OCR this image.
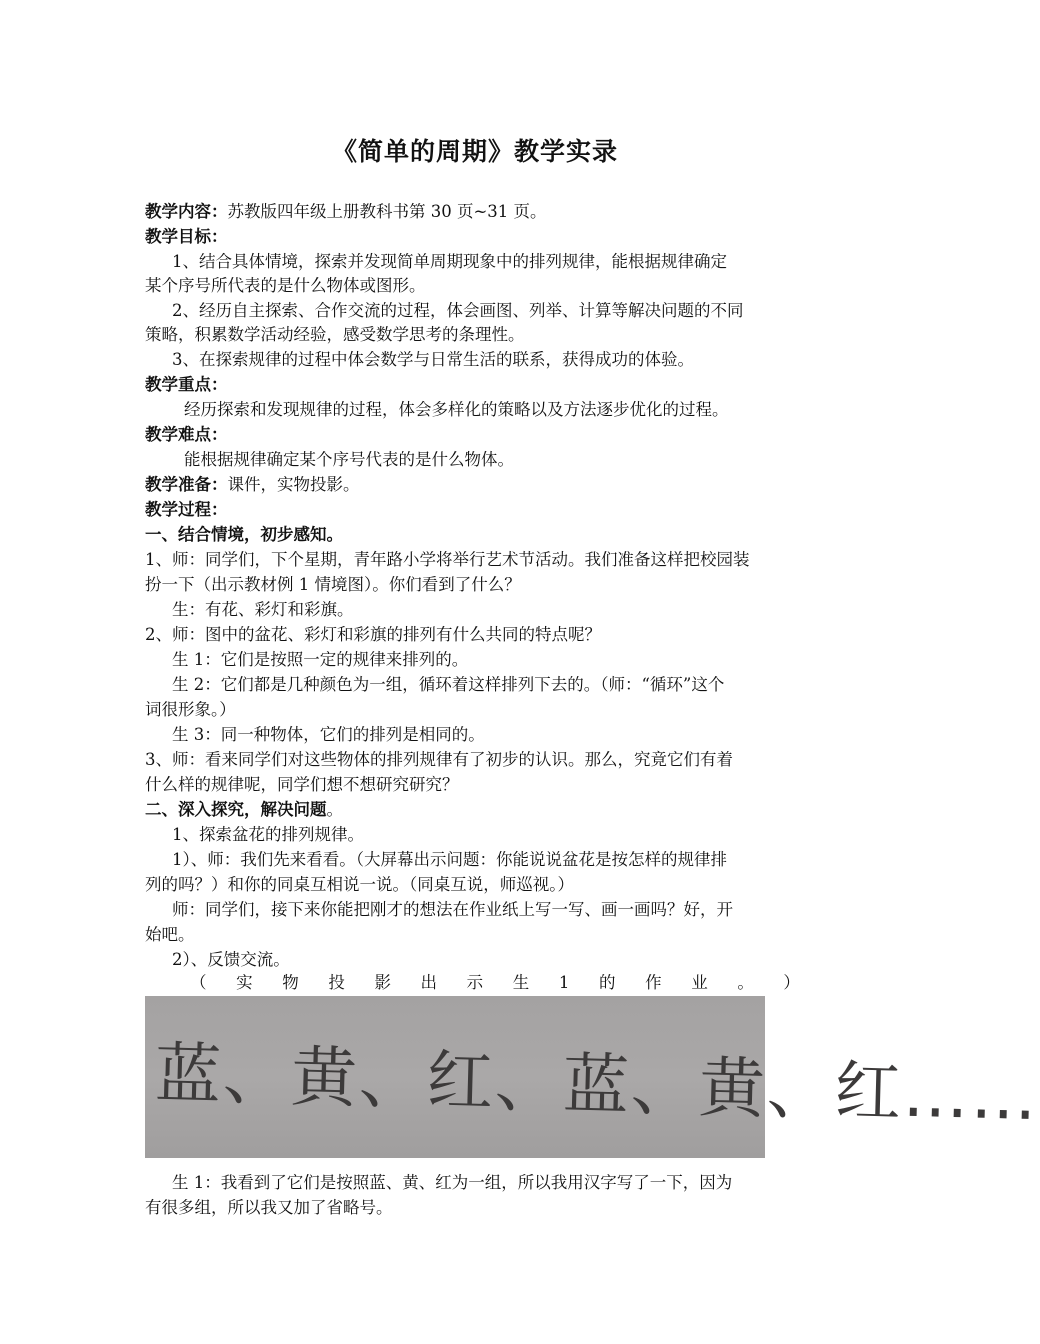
《简单的周期》教学实录
教学内容：苏教版四年级上册教科书第 30 页~31 页。
教学目标：
1、结合具体情境，探索并发现简单周期现象中的排列规律，能根据规律确定
某个序号所代表的是什么物体或图形。
2、经历自主探索、合作交流的过程，体会画图、列举、计算等解决问题的不同
策略，积累数学活动经验，感受数学思考的条理性。
3、在探索规律的过程中体会数学与日常生活的联系，获得成功的体验。
教学重点：
经历探索和发现规律的过程，体会多样化的策略以及方法逐步优化的过程。
教学难点：
能根据规律确定某个序号代表的是什么物体。
教学准备：课件，实物投影。
教学过程：
一、结合情境，初步感知。
1、师：同学们，下个星期，青年路小学将举行艺术节活动。我们准备这样把校园装
扮一下（出示教材例 1 情境图）。你们看到了什么？
生：有花、彩灯和彩旗。
2、师：图中的盆花、彩灯和彩旗的排列有什么共同的特点呢？
生 1：它们是按照一定的规律来排列的。
生 2：它们都是几种颜色为一组，循环着这样排列下去的。（师：“循环”这个
词很形象。）
生 3：同一种物体，它们的排列是相同的。
3、师：看来同学们对这些物体的排列规律有了初步的认识。那么，究竟它们有着
什么样的规律呢，同学们想不想研究研究？
二、深入探究，解决问题。
1、探索盆花的排列规律。
1）、师：我们先来看看。（大屏幕出示问题：你能说说盆花是按怎样的规律排
列的吗？）和你的同桌互相说一说。（同桌互说，师巡视。）
师：同学们，接下来你能把刚才的想法在作业纸上写一写、画一画吗？好，开
始吧。
2）、反馈交流。
（ 实 物 投 影 出 示 生 1 的 作 业 。 ）
蓝、黄、红、蓝、黄、红……
生 1：我看到了它们是按照蓝、黄、红为一组，所以我用汉字写了一下，因为
有很多组，所以我又加了省略号。
